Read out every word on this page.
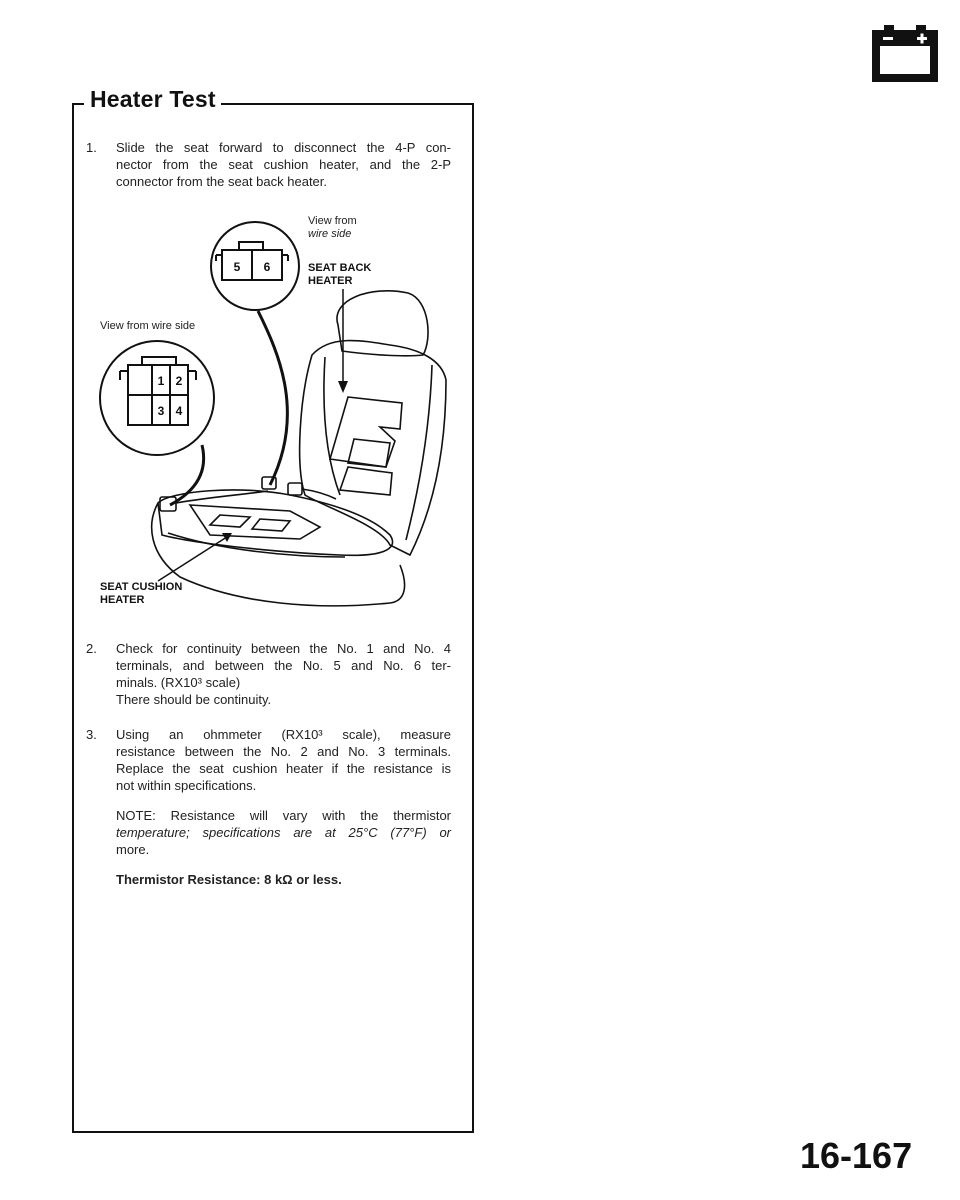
Heater Test
1. Slide the seat forward to disconnect the 4-P con-
nector from the seat cushion heater, and the 2-P
connector from the seat back heater.
5 6
View from
wire side
SEAT BACK
HEATER
View from wire side
1 2
3 4
SEAT CUSHION
HEATER
2. Check for continuity between the No. 1 and No. 4
terminals, and between the No. 5 and No. 6 ter-
minals. (RX10³ scale)
There should be continuity.
3. Using an ohmmeter (RX10³ scale), measure
resistance between the No. 2 and No. 3 terminals.
Replace the seat cushion heater if the resistance is
not within specifications.
NOTE: Resistance will vary with the thermistor
temperature; specifications are at 25°C (77°F) or
more.
Thermistor Resistance: 8 kΩ or less.
16-167
